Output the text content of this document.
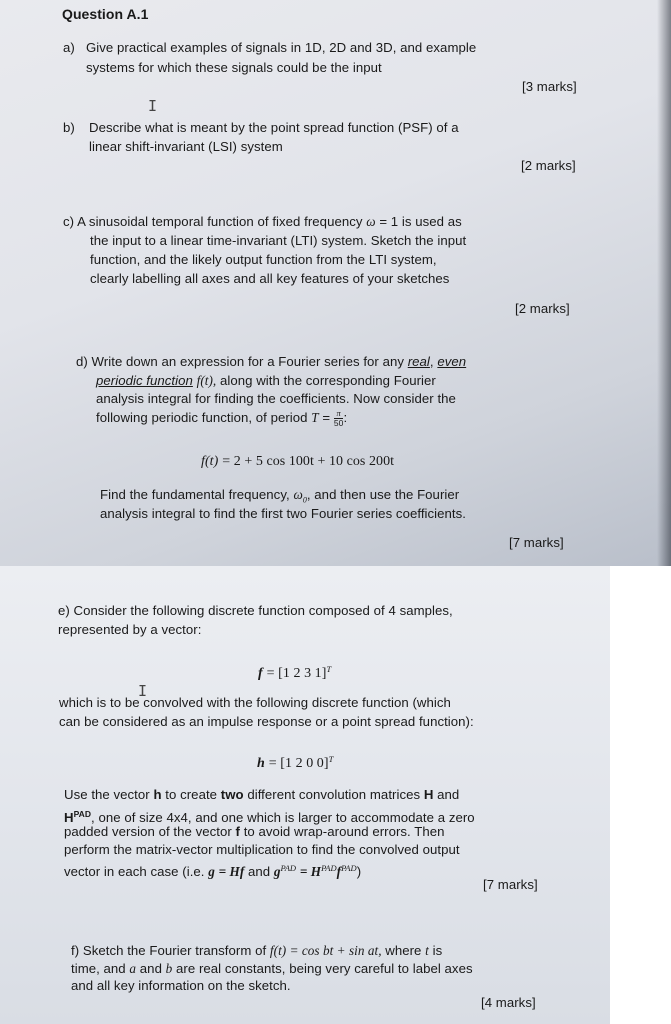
Question A.1
a) Give practical examples of signals in 1D, 2D and 3D, and example
systems for which these signals could be the input
[3 marks]
I
b) Describe what is meant by the point spread function (PSF) of a
linear shift-invariant (LSI) system
[2 marks]
c) A sinusoidal temporal function of fixed frequency ω = 1 is used as
the input to a linear time-invariant (LTI) system. Sketch the input
function, and the likely output function from the LTI system,
clearly labelling all axes and all key features of your sketches
[2 marks]
d) Write down an expression for a Fourier series for any real, even
periodic function f(t), along with the corresponding Fourier
analysis integral for finding the coefficients. Now consider the
following periodic function, of period $T = \frac{\pi}{50}$ :
f(t) = 2 + 5 cos 100t + 10 cos 200t
Find the fundamental frequency, $\omega_0$, and then use the Fourier
analysis integral to find the first two Fourier series coefficients.
[7 marks]
e) Consider the following discrete function composed of 4 samples,
represented by a vector:
f = [1 2 3 1]$^T$
which is to be convolved with the following discrete function (which
I
can be considered as an impulse response or a point spread function):
h = [1 2 0 0]$^T$
Use the vector h to create two different convolution matrices H and
$H^{PAD}$, one of size 4x4, and one which is larger to accommodate a zero
padded version of the vector f to avoid wrap-around errors. Then
perform the matrix-vector multiplication to find the convolved output
vector in each case (i.e. g = Hf and $g^{PAD} = H^{PAD}f^{PAD}$)
[7 marks]
f) Sketch the Fourier transform of f(t) = cos bt + sin at, where t is
time, and a and b are real constants, being very careful to label axes
and all key information on the sketch.
[4 marks]
